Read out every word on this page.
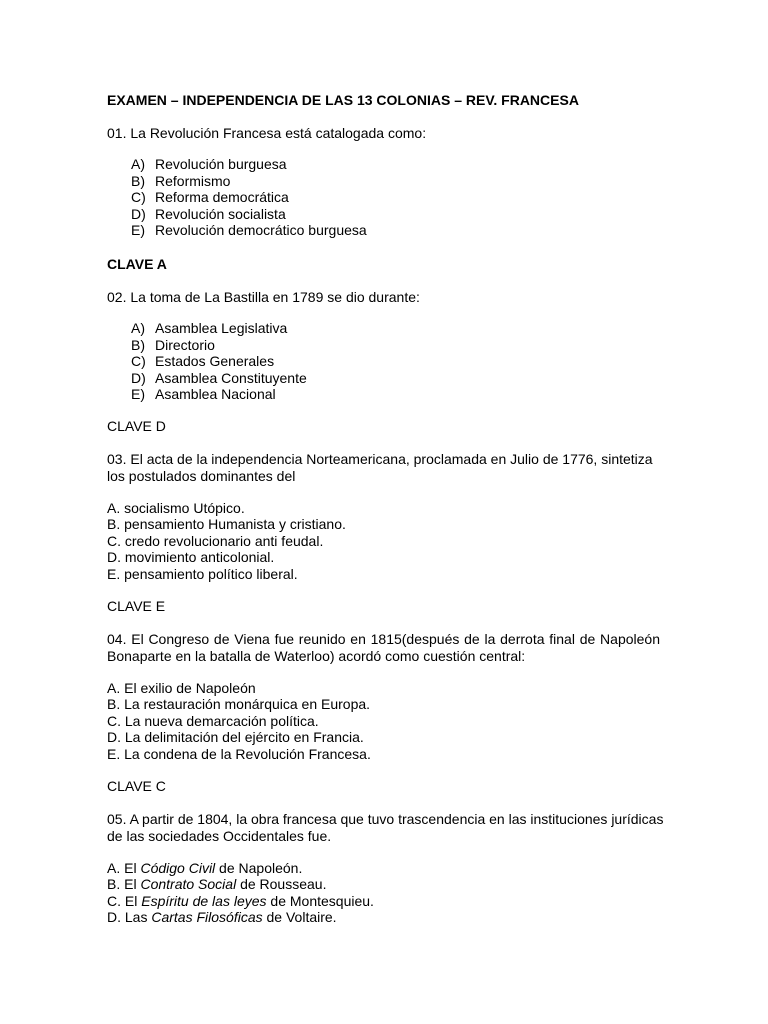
EXAMEN – INDEPENDENCIA DE LAS 13 COLONIAS – REV. FRANCESA
01. La Revolución Francesa está catalogada como:
A) Revolución burguesa
B) Reformismo
C) Reforma democrática
D) Revolución socialista
E) Revolución democrático burguesa
CLAVE A
02. La toma de La Bastilla en 1789 se dio durante:
A) Asamblea Legislativa
B) Directorio
C) Estados Generales
D) Asamblea Constituyente
E) Asamblea Nacional
CLAVE D
03. El acta de la independencia Norteamericana, proclamada en Julio de 1776, sintetiza
los postulados dominantes del
A. socialismo Utópico.
B. pensamiento Humanista y cristiano.
C. credo revolucionario anti feudal.
D. movimiento anticolonial.
E. pensamiento político liberal.
CLAVE E
04. El Congreso de Viena fue reunido en 1815(después de la derrota final de Napoleón
Bonaparte en la batalla de Waterloo) acordó como cuestión central:
A. El exilio de Napoleón
B. La restauración monárquica en Europa.
C. La nueva demarcación política.
D. La delimitación del ejército en Francia.
E. La condena de la Revolución Francesa.
CLAVE C
05. A partir de 1804, la obra francesa que tuvo trascendencia en las instituciones jurídicas
de las sociedades Occidentales fue.
A. El Código Civil de Napoleón.
B. El Contrato Social de Rousseau.
C. El Espíritu de las leyes de Montesquieu.
D. Las Cartas Filosóficas de Voltaire.
